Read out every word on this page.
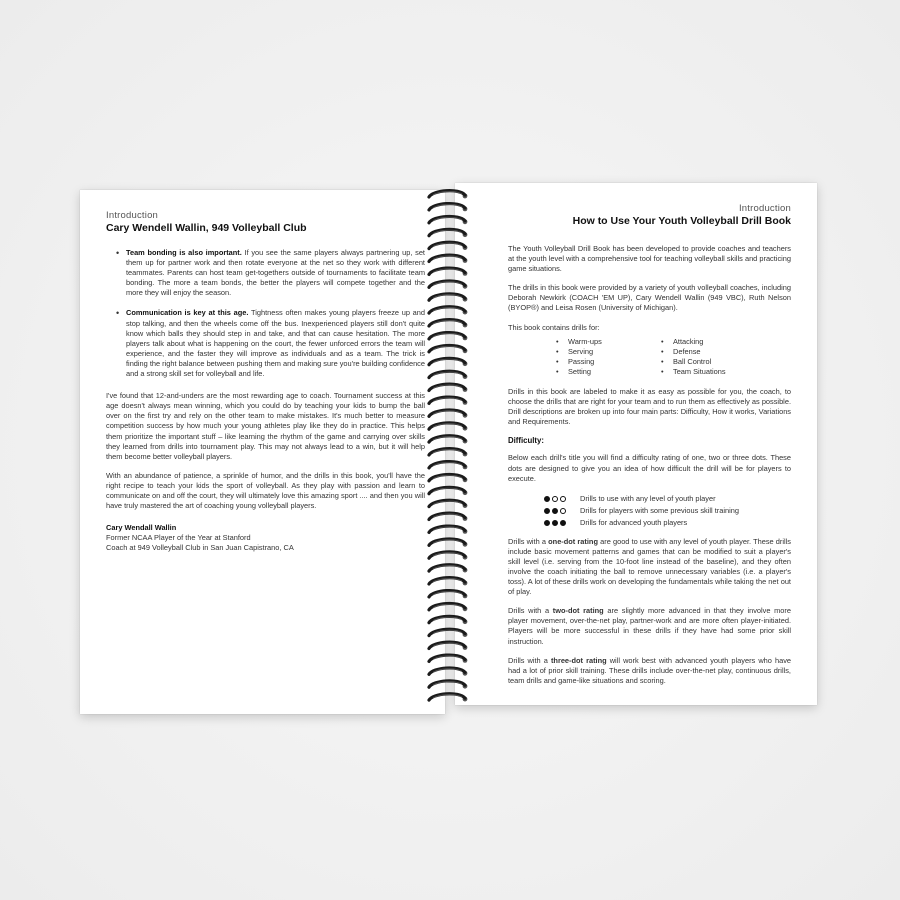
Introduction
Cary Wendell Wallin, 949 Volleyball Club
• Team bonding is also important. If you see the same players always partnering up, set them up for partner work and then rotate everyone at the net so they work with different teammates. Parents can host team get-togethers outside of tournaments to facilitate team bonding. The more a team bonds, the better the players will compete together and the more they will enjoy the season.
• Communication is key at this age. Tightness often makes young players freeze up and stop talking, and then the wheels come off the bus. Inexperienced players still don't quite know which balls they should step in and take, and that can cause hesitation. The more players talk about what is happening on the court, the fewer unforced errors the team will experience, and the faster they will improve as individuals and as a team. The trick is finding the right balance between pushing them and making sure you're building confidence and a strong skill set for volleyball and life.

I've found that 12-and-unders are the most rewarding age to coach. Tournament success at this age doesn't always mean winning, which you could do by teaching your kids to bump the ball over on the first try and rely on the other team to make mistakes. It's much better to measure competition success by how much your young athletes play like they do in practice. This helps them prioritize the important stuff – like learning the rhythm of the game and carrying over skills they learned from drills into tournament play. This may not always lead to a win, but it will help them become better volleyball players.

With an abundance of patience, a sprinkle of humor, and the drills in this book, you'll have the right recipe to teach your kids the sport of volleyball. As they play with passion and learn to communicate on and off the court, they will ultimately love this amazing sport .... and then you will have truly mastered the art of coaching young volleyball players.

Cary Wendall Wallin
Former NCAA Player of the Year at Stanford
Coach at 949 Volleyball Club in San Juan Capistrano, CA
Introduction
How to Use Your Youth Volleyball Drill Book

The Youth Volleyball Drill Book has been developed to provide coaches and teachers at the youth level with a comprehensive tool for teaching volleyball skills and practicing game situations.

The drills in this book were provided by a variety of youth volleyball coaches, including Deborah Newkirk (COACH 'EM UP), Cary Wendell Wallin (949 VBC), Ruth Nelson (BYOP®) and Leisa Rosen (University of Michigan).

This book contains drills for:

• Warm-ups
• Serving
• Passing
• Setting
• Attacking
• Defense
• Ball Control
• Team Situations

Drills in this book are labeled to make it as easy as possible for you, the coach, to choose the drills that are right for your team and to run them as effectively as possible. Drill descriptions are broken up into four main parts: Difficulty, How it works, Variations and Requirements.

Difficulty:

Below each drill's title you will find a difficulty rating of one, two or three dots. These dots are designed to give you an idea of how difficult the drill will be for players to execute.

Drills to use with any level of youth player
Drills for players with some previous skill training
Drills for advanced youth players

Drills with a one-dot rating are good to use with any level of youth player. These drills include basic movement patterns and games that can be modified to suit a player's skill level (i.e. serving from the 10-foot line instead of the baseline), and they often involve the coach initiating the ball to remove unnecessary variables (i.e. a player's toss). A lot of these drills work on developing the fundamentals while taking the net out of play.

Drills with a two-dot rating are slightly more advanced in that they involve more player movement, over-the-net play, partner-work and are more often player-initiated. Players will be more successful in these drills if they have had some prior skill instruction.

Drills with a three-dot rating will work best with advanced youth players who have had a lot of prior skill training. These drills include over-the-net play, continuous drills, team drills and game-like situations and scoring.
